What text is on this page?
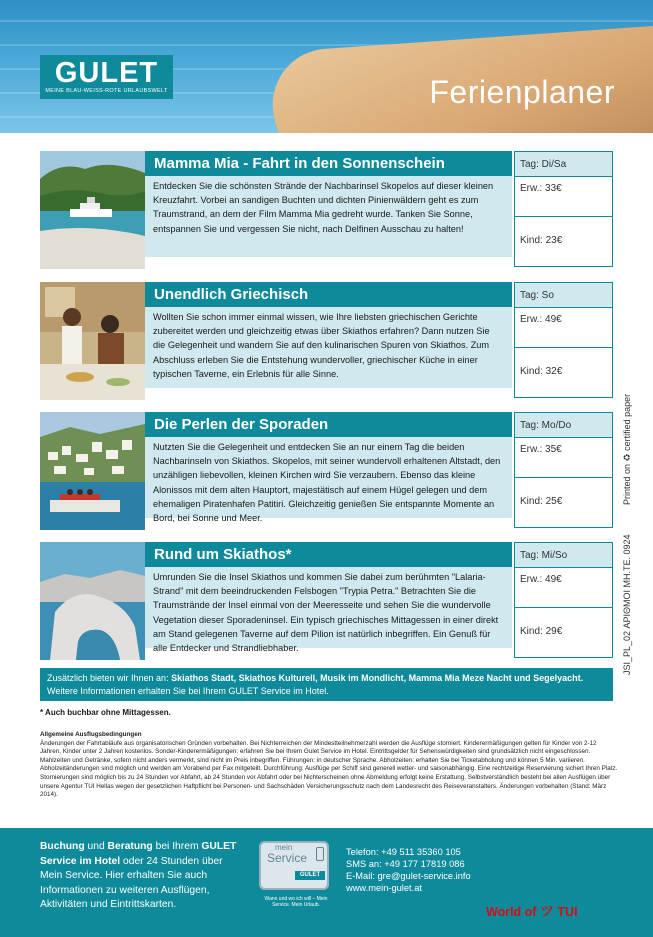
GULET
MEINE BLAU-WEISS-ROTE URLAUBSWELT	Ferienplaner
Mamma Mia - Fahrt in den Sonnenschein
Entdecken Sie die schönsten Strände der Nachbarinsel Skopelos auf dieser kleinen Kreuzfahrt. Vorbei an sandigen Buchten und dichten Pinienwäldern geht es zum Traumstrand, an dem der Film Mamma Mia gedreht wurde. Tanken Sie Sonne, entspannen Sie und vergessen Sie nicht, nach Delfinen Ausschau zu halten!
Tag: Di/Sa
Erw.: 33€
Kind: 23€
Unendlich Griechisch
Wollten Sie schon immer einmal wissen, wie Ihre liebsten griechischen Gerichte zubereitet werden und gleichzeitig etwas über Skiathos erfahren? Dann nutzen Sie die Gelegenheit und wandern Sie auf den kulinarischen Spuren von Skiathos. Zum Abschluss erleben Sie die Entstehung wundervoller, griechischer Küche in einer typischen Taverne, ein Erlebnis für alle Sinne.
Tag: So
Erw.: 49€
Kind: 32€
Die Perlen der Sporaden
Nutzten Sie die Gelegenheit und entdecken Sie an nur einem Tag die beiden Nachbarinseln von Skiathos. Skopelos, mit seiner wundervoll erhaltenen Altstadt, den unzähligen liebevollen, kleinen Kirchen wird Sie verzaubern. Ebenso das kleine Alonissos mit dem alten Hauptort, majestätisch auf einem Hügel gelegen und dem ehemaligen Piratenhafen Patitiri. Gleichzeitig genießen Sie entspannte Momente an Bord, bei Sonne und Meer.
Tag: Mo/Do
Erw.: 35€
Kind: 25€
Rund um Skiathos*
Umrunden Sie die Insel Skiathos und kommen Sie dabei zum berühmten "Lalaria-Strand" mit dem beeindruckenden Felsbogen "Trypia Petra." Betrachten Sie die Traumstrände der Insel einmal von der Meeresseite und sehen Sie die wundervolle Vegetation dieser Sporadeninsel. Ein typisch griechisches Mittagessen in einer direkt am Stand gelegenen Taverne auf dem Pilion ist natürlich inbegriffen. Ein Genuß für alle Entdecker und Strandliebhaber.
Tag: Mi/So
Erw.: 49€
Kind: 29€
Zusätzlich bieten wir Ihnen an: Skiathos Stadt, Skiathos Kulturell, Musik im Mondlicht, Mamma Mia Meze Nacht und Segelyacht.
Weitere Informationen erhalten Sie bei Ihrem GULET Service im Hotel.
* Auch buchbar ohne Mittagessen.
Allgemeine Ausflugsbedingungen
Änderungen der Fahrtabläufe aus organisatorischen Gründen vorbehalten. Bei Nichterreichen der Mindestteilnehmerzahl werden die Ausflüge storniert. Kinderermäßigungen gelten für Kinder von 2-12 Jahren, Kinder unter 2 Jahren kostenlos. Sonder-Kinderermäßigungen: erfahren Sie bei Ihrem Gulet Service im Hotel. Eintrittsgelder für Sehenswürdigkeiten sind grundsätzlich nicht eingeschlossen. Mahlzeiten und Getränke, sofern nicht anders vermerkt, sind nicht im Preis inbegriffen. Führungen: in deutscher Sprache. Abholzeiten: erhalten Sie bei Ticketabholung und können 5 Min. variieren. Abholzeitänderungen sind möglich und werden am Vorabend per Fax mitgeteilt. Durchführung: Ausflüge per Schiff sind generell wetter- und saisonabhängig. Eine rechtzeitige Reservierung sichert Ihren Platz. Stornierungen sind möglich bis zu 24 Stunden vor Abfahrt, ab 24 Stunden vor Abfahrt oder bei Nichterscheinen ohne Abmeldung erfolgt keine Erstattung. Selbstverständlich besteht bei allen Ausflügen über unsere Agentur TUI Hellas wegen der gesetzlichen Haftpflicht bei Personen- und Sachschäden Versicherungsschutz nach dem Landesrecht des Reiseveranstalters. Änderungen vorbehalten (Stand: März 2014).
Printed on ♻ certified paper
JSI_PL_02 ΑΡΙΘΜΟΙ ΜΗ.ΤΕ. 0924
Buchung und Beratung bei Ihrem GULET Service im Hotel oder 24 Stunden über Mein Service. Hier erhalten Sie auch Informationen zu weiteren Ausflügen, Aktivitäten und Eintrittskarten.
mein
Service
GULET
Wann und wo ich will – Mein Service. Mein Urlaub.
Telefon: +49 511 35360 105
SMS an: +49 177 17819 086
E-Mail: gre@gulet-service.info
www.mein-gulet.at
World of ツ TUI
